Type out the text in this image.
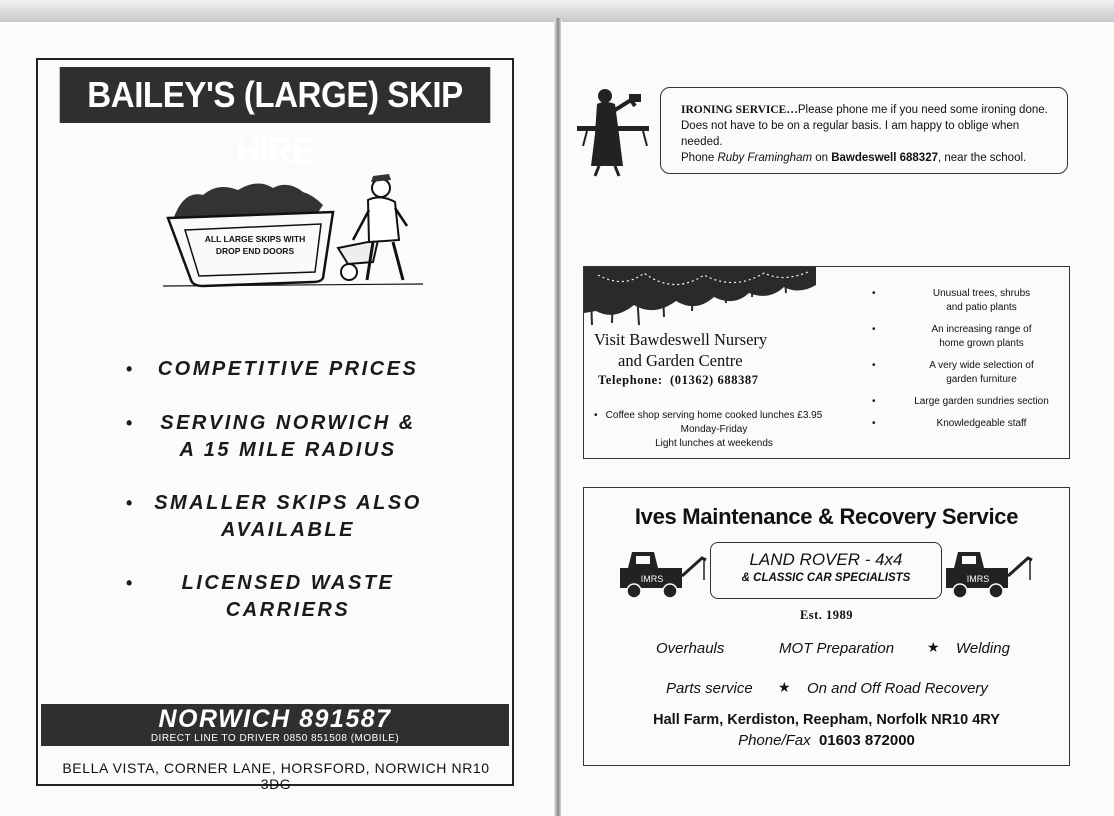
BAILEY'S (LARGE) SKIP HIRE
ALL LARGE SKIPS WITH
DROP END DOORS
• COMPETITIVE PRICES
• SERVING NORWICH &
A 15 MILE RADIUS
• SMALLER SKIPS ALSO
AVAILABLE
• LICENSED WASTE
CARRIERS
NORWICH 891587
DIRECT LINE TO DRIVER 0850 851508 (MOBILE)
BELLA VISTA, CORNER LANE, HORSFORD, NORWICH NR10 3DG
IRONING SERVICE…Please phone me if you need some ironing done.
Does not have to be on a regular basis. I am happy to oblige when needed.
Phone Ruby Framingham on Bawdeswell 688327, near the school.
Visit Bawdeswell Nursery
and Garden Centre
Telephone: (01362) 688387
• Coffee shop serving home cooked lunches £3.95
Monday-Friday
Light lunches at weekends
•	Unusual trees, shrubs
and patio plants
•	An increasing range of
home grown plants
•	A very wide selection of
garden furniture
•	Large garden sundries section
•	Knowledgeable staff
Ives Maintenance & Recovery Service
IMRS
LAND ROVER - 4x4
& CLASSIC CAR SPECIALISTS	IMRS
Est. 1989
Overhauls	MOT Preparation ★ Welding
Parts service ★ On and Off Road Recovery
Hall Farm, Kerdiston, Reepham, Norfolk NR10 4RY
Phone/Fax 01603 872000
